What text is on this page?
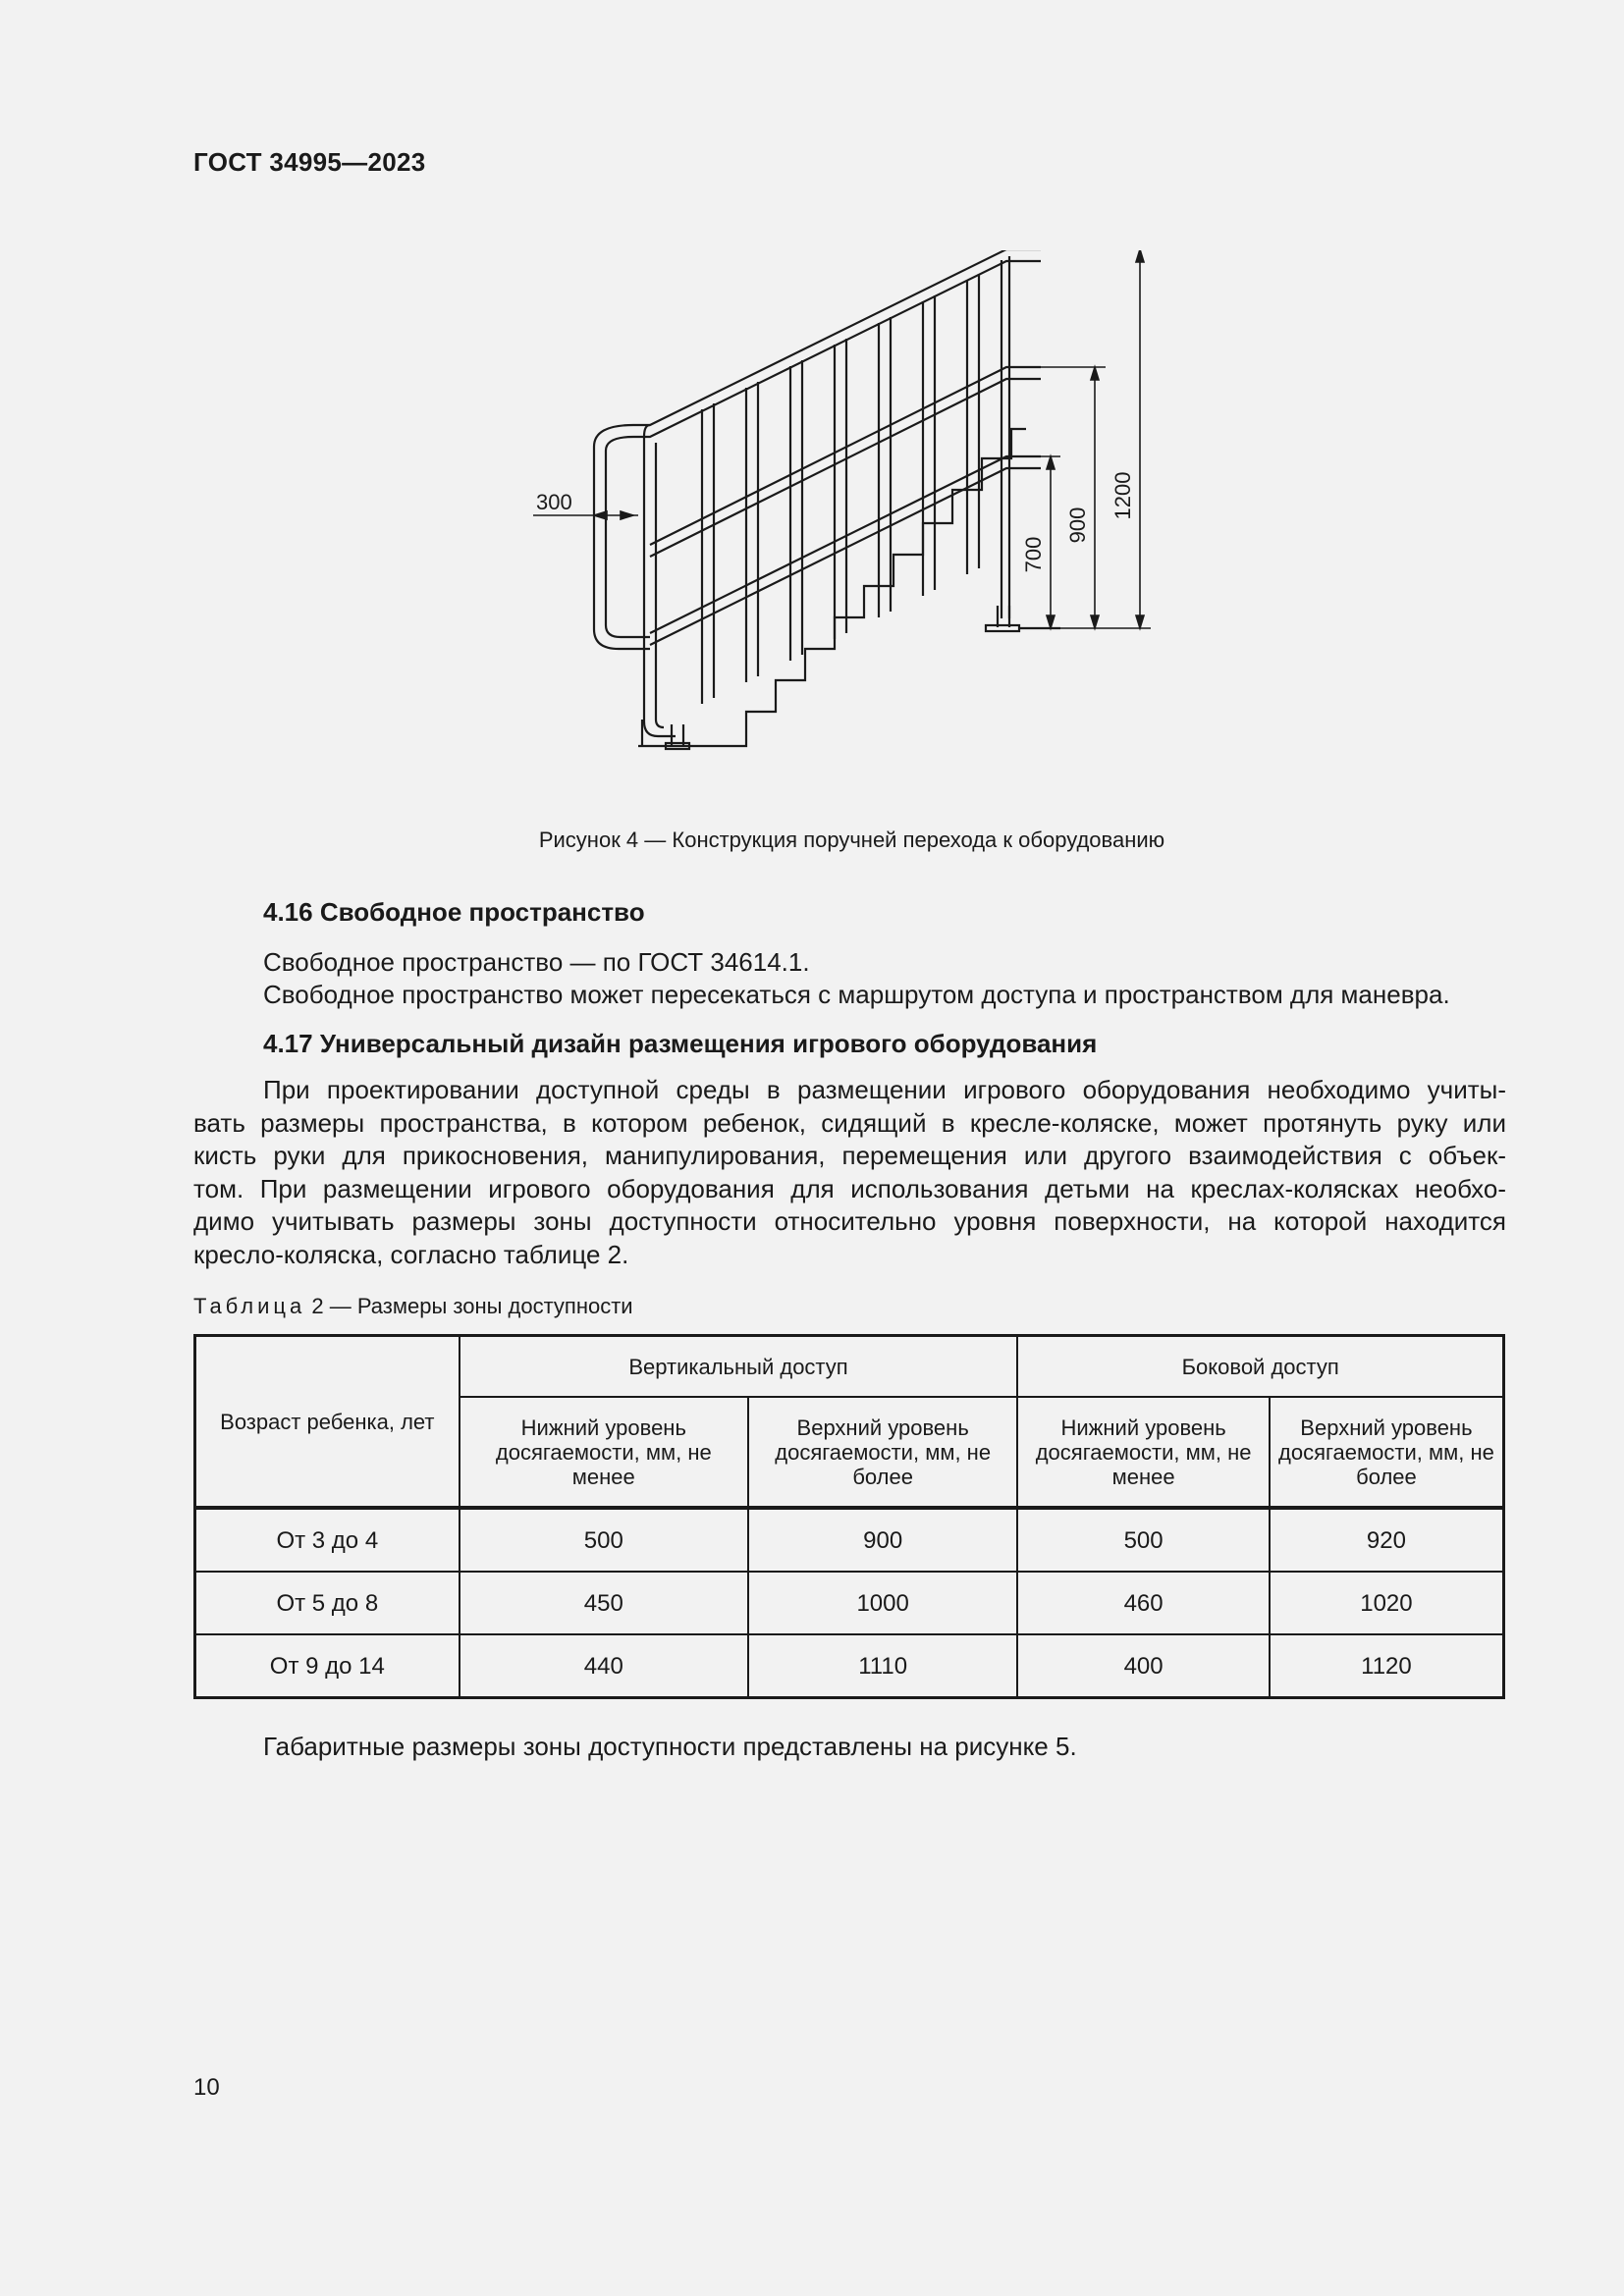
ГОСТ 34995—2023
300
700
900
1200
Рисунок 4 — Конструкция поручней перехода к оборудованию
4.16 Свободное пространство
Свободное пространство — по ГОСТ 34614.1.
Свободное пространство может пересекаться с маршрутом доступа и пространством для маневра.
4.17 Универсальный дизайн размещения игрового оборудования
При проектировании доступной среды в размещении игрового оборудования необходимо учиты-
вать размеры пространства, в котором ребенок, сидящий в кресле-коляске, может протянуть руку или
кисть руки для прикосновения, манипулирования, перемещения или другого взаимодействия с объек-
том. При размещении игрового оборудования для использования детьми на креслах-колясках необхо-
димо учитывать размеры зоны доступности относительно уровня поверхности, на которой находится
кресло-коляска, согласно таблице 2.
Таблица 2 — Размеры зоны доступности
Возраст ребенка, лет	Вертикальный доступ		Боковой доступ	
	Нижний уровень досягаемости, мм, не менее	Верхний уровень досягаемости, мм, не более	Нижний уровень досягаемости, мм, не менее	Верхний уровень досягаемости, мм, не более
От 3 до 4	500	900	500	920
От 5 до 8	450	1000	460	1020
От 9 до 14	440	1110	400	1120
Габаритные размеры зоны доступности представлены на рисунке 5.
10
